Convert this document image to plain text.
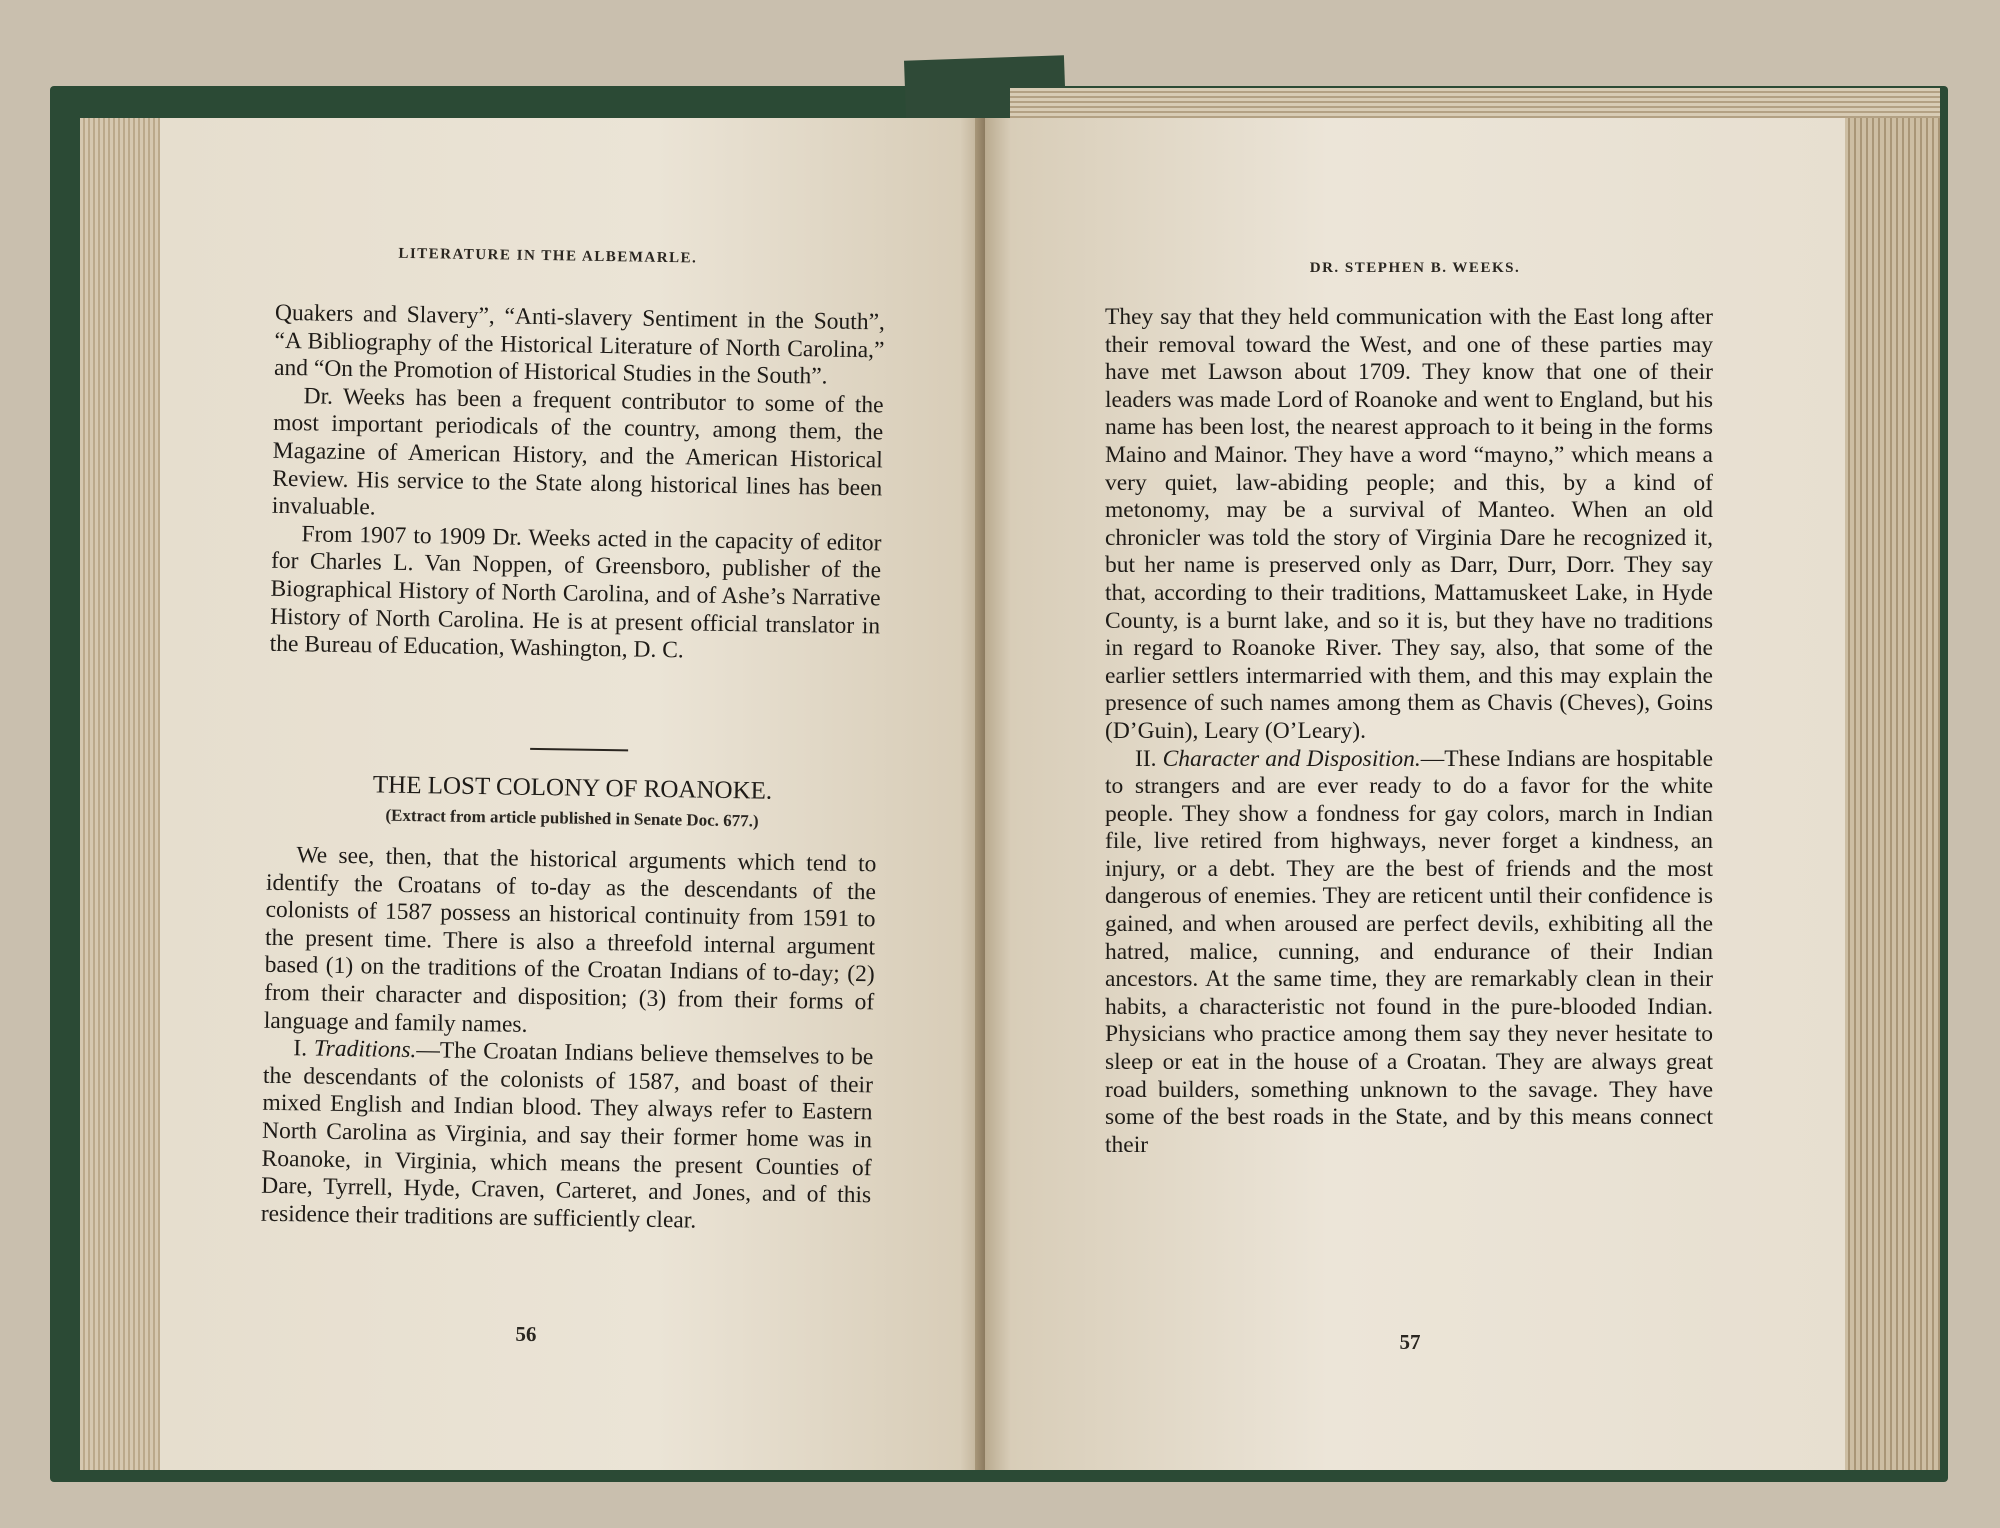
LITERATURE IN THE ALBEMARLE.

Quakers and Slavery”, “Anti-slavery Sentiment in the South”, “A Bibliography of the Historical Literature of North Carolina,” and “On the Promotion of Historical Studies in the South”.

Dr. Weeks has been a frequent contributor to some of the most important periodicals of the country, among them, the Magazine of American History, and the American Historical Review. His service to the State along historical lines has been invaluable.

From 1907 to 1909 Dr. Weeks acted in the capacity of editor for Charles L. Van Noppen, of Greensboro, publisher of the Biographical History of North Carolina, and of Ashe’s Narrative History of North Carolina. He is at present official translator in the Bureau of Education, Washington, D. C.

THE LOST COLONY OF ROANOKE.
(Extract from article published in Senate Doc. 677.)

We see, then, that the historical arguments which tend to identify the Croatans of to-day as the descendants of the colonists of 1587 possess an historical continuity from 1591 to the present time. There is also a threefold internal argument based (1) on the traditions of the Croatan Indians of to-day; (2) from their character and disposition; (3) from their forms of language and family names.

I. Traditions.—The Croatan Indians believe themselves to be the descendants of the colonists of 1587, and boast of their mixed English and Indian blood. They always refer to Eastern North Carolina as Virginia, and say their former home was in Roanoke, in Virginia, which means the present Counties of Dare, Tyrrell, Hyde, Craven, Carteret, and Jones, and of this residence their traditions are sufficiently clear.

56
DR. STEPHEN B. WEEKS.

They say that they held communication with the East long after their removal toward the West, and one of these parties may have met Lawson about 1709. They know that one of their leaders was made Lord of Roanoke and went to England, but his name has been lost, the nearest approach to it being in the forms Maino and Mainor. They have a word “mayno,” which means a very quiet, law-abiding people; and this, by a kind of metonomy, may be a survival of Manteo. When an old chronicler was told the story of Virginia Dare he recognized it, but her name is preserved only as Darr, Durr, Dorr. They say that, according to their traditions, Mattamuskeet Lake, in Hyde County, is a burnt lake, and so it is, but they have no traditions in regard to Roanoke River. They say, also, that some of the earlier settlers intermarried with them, and this may explain the presence of such names among them as Chavis (Cheves), Goins (D’Guin), Leary (O’Leary).

II. Character and Disposition.—These Indians are hospitable to strangers and are ever ready to do a favor for the white people. They show a fondness for gay colors, march in Indian file, live retired from highways, never forget a kindness, an injury, or a debt. They are the best of friends and the most dangerous of enemies. They are reticent until their confidence is gained, and when aroused are perfect devils, exhibiting all the hatred, malice, cunning, and endurance of their Indian ancestors. At the same time, they are remarkably clean in their habits, a characteristic not found in the pure-blooded Indian. Physicians who practice among them say they never hesitate to sleep or eat in the house of a Croatan. They are always great road builders, something unknown to the savage. They have some of the best roads in the State, and by this means connect their

57
